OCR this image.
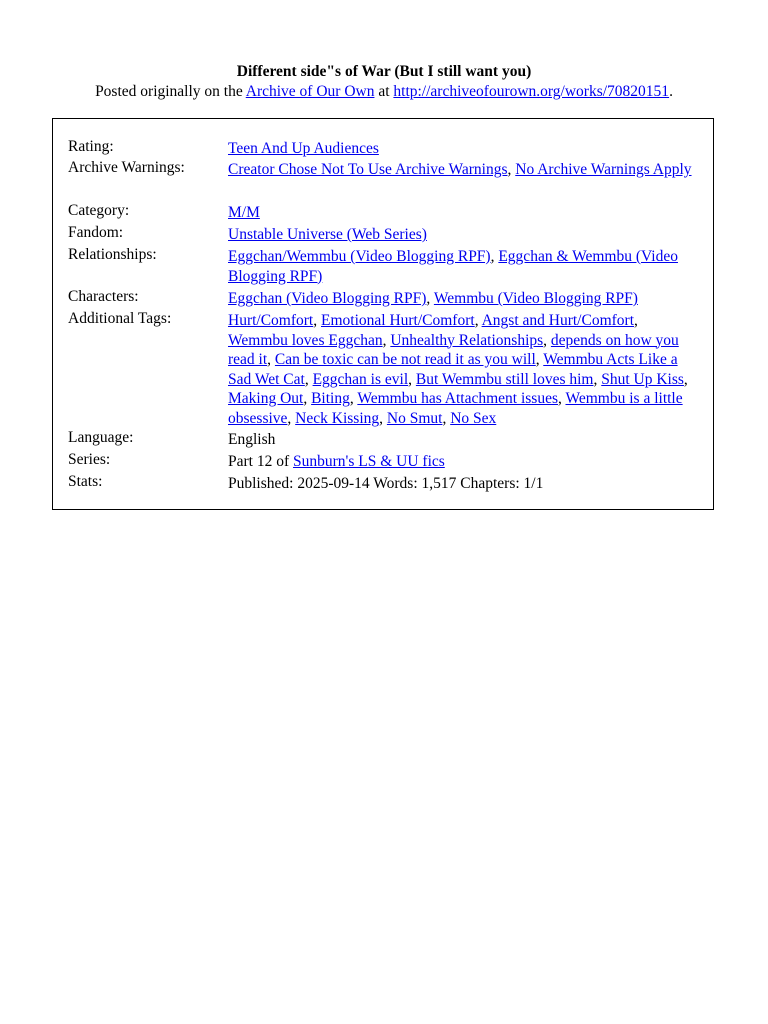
Different side"s of War (But I still want you)
Posted originally on the Archive of Our Own at http://archiveofourown.org/works/70820151.
Rating:	Teen And Up Audiences
Archive Warnings:	Creator Chose Not To Use Archive Warnings, No Archive Warnings Apply
Category:	M/M
Fandom:	Unstable Universe (Web Series)
Relationships:	Eggchan/Wemmbu (Video Blogging RPF), Eggchan & Wemmbu (Video Blogging RPF)
Characters:	Eggchan (Video Blogging RPF), Wemmbu (Video Blogging RPF)
Additional Tags:	Hurt/Comfort, Emotional Hurt/Comfort, Angst and Hurt/Comfort, Wemmbu loves Eggchan, Unhealthy Relationships, depends on how you read it, Can be toxic can be not read it as you will, Wemmbu Acts Like a Sad Wet Cat, Eggchan is evil, But Wemmbu still loves him, Shut Up Kiss, Making Out, Biting, Wemmbu has Attachment issues, Wemmbu is a little obsessive, Neck Kissing, No Smut, No Sex
Language:	English
Series:	Part 12 of Sunburn's LS & UU fics
Stats:	Published: 2025-09-14 Words: 1,517 Chapters: 1/1
